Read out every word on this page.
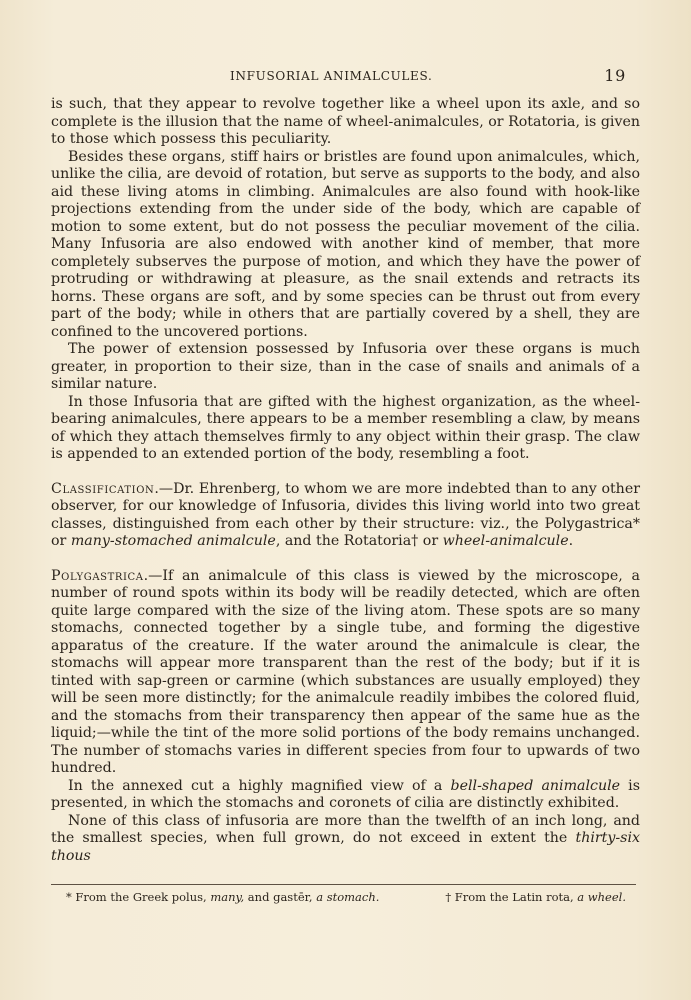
INFUSORIAL ANIMALCULES.	19

is such, that they appear to revolve together like a wheel upon its axle, and so complete is the illusion that the name of wheel-animalcules, or Rotatoria, is given to those which possess this peculiarity.

Besides these organs, stiff hairs or bristles are found upon animalcules, which, unlike the cilia, are devoid of rotation, but serve as supports to the body, and also aid these living atoms in climbing. Animalcules are also found with hook-like projections extending from the under side of the body, which are capable of motion to some extent, but do not possess the peculiar movement of the cilia. Many Infusoria are also endowed with another kind of member, that more completely subserves the purpose of motion, and which they have the power of protruding or withdrawing at pleasure, as the snail extends and retracts its horns. These organs are soft, and by some species can be thrust out from every part of the body; while in others that are partially covered by a shell, they are confined to the uncovered portions.

The power of extension possessed by Infusoria over these organs is much greater, in proportion to their size, than in the case of snails and animals of a similar nature.

In those Infusoria that are gifted with the highest organization, as the wheel-bearing animalcules, there appears to be a member resembling a claw, by means of which they attach themselves firmly to any object within their grasp. The claw is appended to an extended portion of the body, resembling a foot.

Classification.—Dr. Ehrenberg, to whom we are more indebted than to any other observer, for our knowledge of Infusoria, divides this living world into two great classes, distinguished from each other by their structure: viz., the Polygastrica* or many-stomached animalcule, and the Rotatoria† or wheel-animalcule.

Polygastrica.—If an animalcule of this class is viewed by the microscope, a number of round spots within its body will be readily detected, which are often quite large compared with the size of the living atom. These spots are so many stomachs, connected together by a single tube, and forming the digestive apparatus of the creature. If the water around the animalcule is clear, the stomachs will appear more transparent than the rest of the body; but if it is tinted with sap-green or carmine (which substances are usually employed) they will be seen more distinctly; for the animalcule readily imbibes the colored fluid, and the stomachs from their transparency then appear of the same hue as the liquid;—while the tint of the more solid portions of the body remains unchanged. The number of stomachs varies in different species from four to upwards of two hundred.

In the annexed cut a highly magnified view of a bell-shaped animalcule is presented, in which the stomachs and coronets of cilia are distinctly exhibited.

None of this class of infusoria are more than the twelfth of an inch long, and the smallest species, when full grown, do not exceed in extent the thirty-six thous

* From the Greek polus, many, and gastēr, a stomach.	† From the Latin rota, a wheel.
